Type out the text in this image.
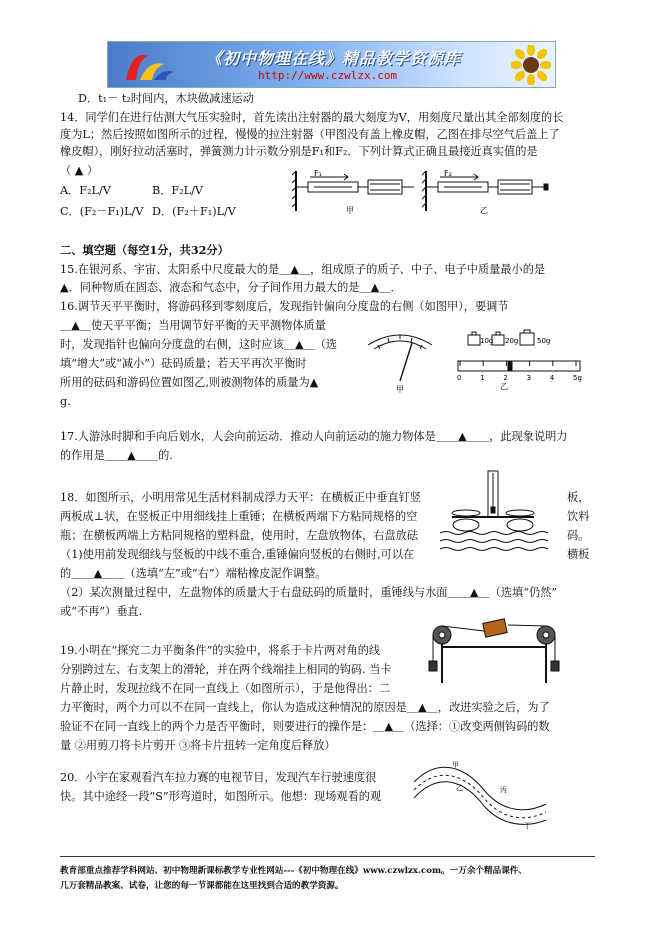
《初中物理在线》精品教学资源库
http://www.czwlzx.com
D．t₁－ t₂时间内，木块做减速运动
14．同学们在进行估测大气压实验时，首先读出注射器的最大刻度为V，用刻度尺量出其全部刻度的长
度为L；然后按照如图所示的过程，慢慢的拉注射器（甲图没有盖上橡皮帽，乙图在排尽空气后盖上了
橡皮帽），刚好拉动活塞时，弹簧测力计示数分别是F₁和F₂．下列计算式正确且最接近真实值的是
（ ▲ ）
A．F₂L/V	B．F₂L/V
C．(F₂－F₁)L/V D．(F₂＋F₁)L/V
F₁
甲
F₂
乙
二、填空题（每空1分，共32分）
15.在银河系、宇宙、太阳系中尺度最大的是＿▲＿，组成原子的质子、中子、电子中质量最小的是
▲．同种物质在固态、液态和气态中，分子间作用力最大的是＿▲＿．
16.调节天平平衡时，将游码移到零刻度后，发现指针偏向分度盘的右侧（如图甲），要调节
＿▲＿使天平平衡；当用调节好平衡的天平测物体质量
时，发现指针也偏向分度盘的右侧，这时应该＿▲＿（选
填“增大”或“减小”）砝码质量；若天平再次平衡时
所用的砝码和游码位置如图乙,则被测物体的质量为▲
g.
甲
10g 20g	50g
0	1	2	3	4	5g
乙
17.人游泳时脚和手向后划水，人会向前运动．推动人向前运动的施力物体是＿＿▲＿＿，此现象说明力
的作用是＿＿▲＿＿的.
18．如图所示，小明用常见生活材料制成浮力天平：在横板正中垂直钉竖	板，
两板成⊥状，在竖板正中用细线挂上重锤；在横板两端下方粘同规格的空	饮料
瓶；在横板两端上方粘同规格的塑料盘，使用时，左盘放物体，右盘放砝	码。
（1)使用前发现细线与竖板的中线不重合,重锤偏向竖板的右侧时,可以在	横板
的＿＿▲＿＿（选填“左”或“右”）端粘橡皮泥作调整。
（2）某次测量过程中，左盘物体的质量大于右盘砝码的质量时，重锤线与水面＿＿▲＿（选填“仍然”
或“不再”）垂直.
19.小明在“探究二力平衡条件”的实验中，将系于卡片两对角的线
分别跨过左、右支架上的滑轮，并在两个线端挂上相同的钩码. 当卡
片静止时，发现拉线不在同一直线上（如图所示），于是他得出：二
力平衡时，两个力可以不在同一直线上，你认为造成这种情况的原因是＿▲＿，改进实验之后，为了
验证不在同一直线上的两个力是否平衡时，则要进行的操作是：＿▲＿（选择：①改变两侧钩码的数
量 ②用剪刀将卡片剪开 ③将卡片扭转一定角度后释放）
20．小宇在家观看汽车拉力赛的电视节目，发现汽车行驶速度很
快。其中途经一段“S”形弯道时，如图所示。他想：现场观看的观
甲
乙	丙
丁
教育部重点推荐学科网站、初中物理新课标教学专业性网站---《初中物理在线》www.czwlzx.com。一万余个精品课件、
几万套精品教案、试卷，让您的每一节课都能在这里找到合适的教学资源。
